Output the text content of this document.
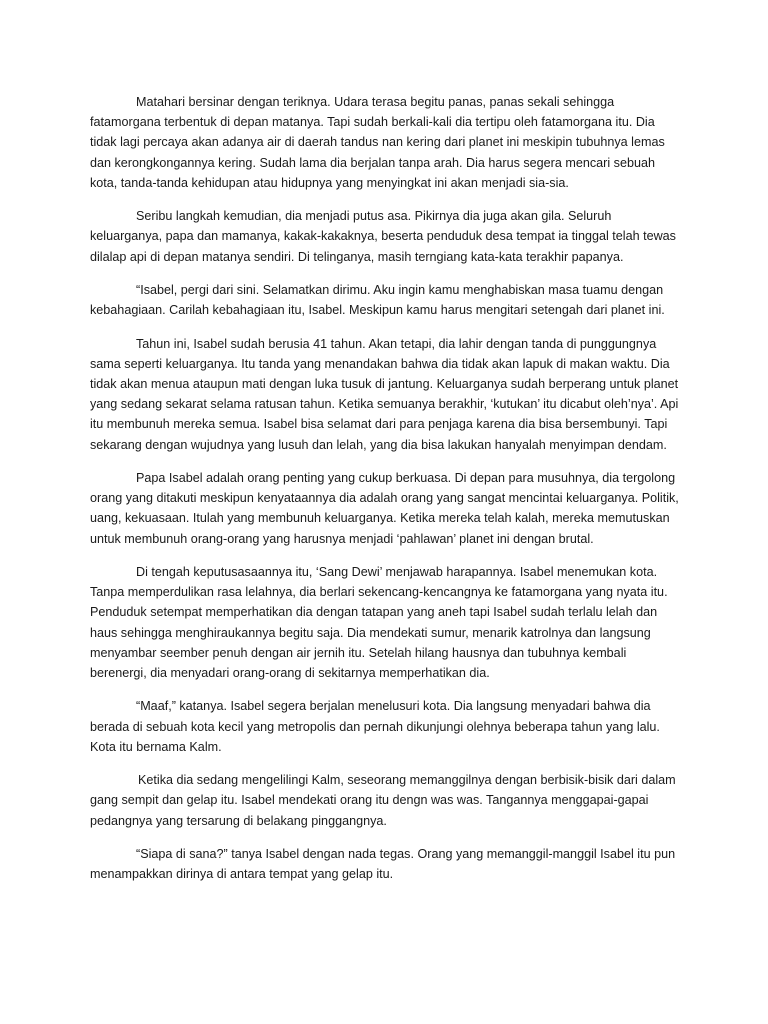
Matahari bersinar dengan teriknya. Udara terasa begitu panas, panas sekali sehingga fatamorgana terbentuk di depan matanya. Tapi sudah berkali-kali dia tertipu oleh fatamorgana itu. Dia tidak lagi percaya akan adanya air di daerah tandus nan kering dari planet ini meskipin tubuhnya lemas dan kerongkongannya kering. Sudah lama dia berjalan tanpa arah. Dia harus segera mencari sebuah kota, tanda-tanda kehidupan atau hidupnya yang menyingkat ini akan menjadi sia-sia.

Seribu langkah kemudian, dia menjadi putus asa. Pikirnya dia juga akan gila. Seluruh keluarganya, papa dan mamanya, kakak-kakaknya, beserta penduduk desa tempat ia tinggal telah tewas dilalap api di depan matanya sendiri. Di telinganya, masih terngiang kata-kata terakhir papanya.

“Isabel, pergi dari sini. Selamatkan dirimu. Aku ingin kamu menghabiskan masa tuamu dengan kebahagiaan. Carilah kebahagiaan itu, Isabel. Meskipun kamu harus mengitari setengah dari planet ini.

Tahun ini, Isabel sudah berusia 41 tahun. Akan tetapi, dia lahir dengan tanda di punggungnya sama seperti keluarganya. Itu tanda yang menandakan bahwa dia tidak akan lapuk di makan waktu. Dia tidak akan menua ataupun mati dengan luka tusuk di jantung. Keluarganya sudah berperang untuk planet yang sedang sekarat selama ratusan tahun. Ketika semuanya berakhir, ‘kutukan’ itu dicabut oleh’nya’. Api itu membunuh mereka semua. Isabel bisa selamat dari para penjaga karena dia bisa bersembunyi. Tapi sekarang dengan wujudnya yang lusuh dan lelah, yang dia bisa lakukan hanyalah menyimpan dendam.

Papa Isabel adalah orang penting yang cukup berkuasa. Di depan para musuhnya, dia tergolong orang yang ditakuti meskipun kenyataannya dia adalah orang yang sangat mencintai keluarganya. Politik, uang, kekuasaan. Itulah yang membunuh keluarganya. Ketika mereka telah kalah, mereka memutuskan untuk membunuh orang-orang yang harusnya menjadi ‘pahlawan’ planet ini dengan brutal.

Di tengah keputusasaannya itu, ‘Sang Dewi’ menjawab harapannya. Isabel menemukan kota. Tanpa memperdulikan rasa lelahnya, dia berlari sekencang-kencangnya ke fatamorgana yang nyata itu. Penduduk setempat memperhatikan dia dengan tatapan yang aneh tapi Isabel sudah terlalu lelah dan haus sehingga menghiraukannya begitu saja. Dia mendekati sumur, menarik katrolnya dan langsung menyambar seember penuh dengan air jernih itu. Setelah hilang hausnya dan tubuhnya kembali berenergi, dia menyadari orang-orang di sekitarnya memperhatikan dia.

“Maaf,” katanya. Isabel segera berjalan menelusuri kota. Dia langsung menyadari bahwa dia berada di sebuah kota kecil yang metropolis dan pernah dikunjungi olehnya beberapa tahun yang lalu. Kota itu bernama Kalm.

Ketika dia sedang mengelilingi Kalm, seseorang memanggilnya dengan berbisik-bisik dari dalam gang sempit dan gelap itu. Isabel mendekati orang itu dengn was was. Tangannya menggapai-gapai pedangnya yang tersarung di belakang pinggangnya.

“Siapa di sana?” tanya Isabel dengan nada tegas. Orang yang memanggil-manggil Isabel itu pun menampakkan dirinya di antara tempat yang gelap itu.
